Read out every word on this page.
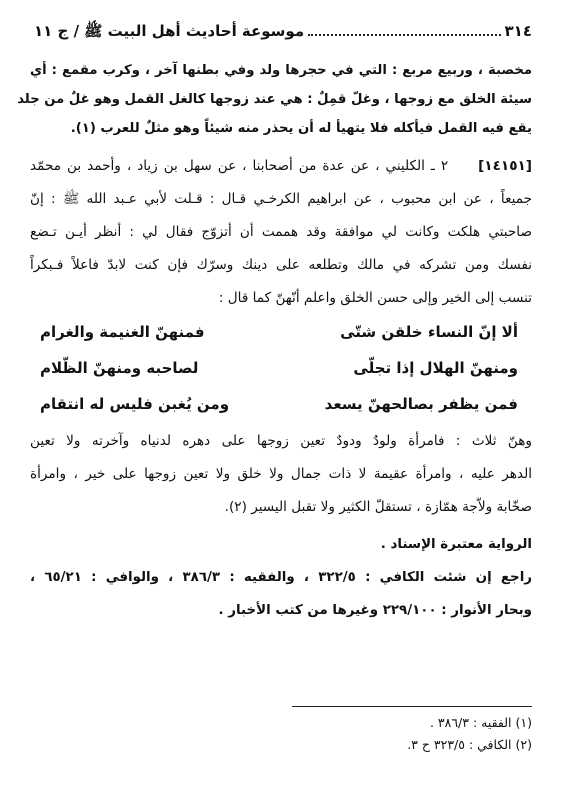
٣١٤
موسوعة أحاديث أهل البيت ﷺ
/
ج ١١
مخصبة ، وربيع مربع : التي في حجرها ولد وفي بطنها آخر ، وكرب مقمع : أي
سيئة الخلق مع زوجها ، وغلّ قمِلٌ : هي عند زوجها كالغل القمل وهو غلٌ من جلد
يقع فيه القمل فيأكله فلا يتهيأ له أن يحذر منه شيئاً وهو مثلٌ للعرب (١).
[١٤١٥١]     ٢ ـ الكليني ، عن عدة من أصحابنا ، عن سهل بن زياد ، وأحمد بن محمّد
جميعاً ، عن ابن محبوب ، عن ابراهيم الكرخـي قـال : قـلت لأبي عـبد الله ﷺ : إنّ
صاحبتي هلكت وكانت لي موافقة وقد هممت أن أتزوّج فقال لي : أنظر أيـن تـضع
نفسك ومن تشركه في مالك وتطلعه على دينك وسرّك فإن كنت لابدّ فاعلاً فـبكراً
تنسب إلى الخير وإلى حسن الخلق واعلم أنّهنّ كما قال :
ألا إنّ النساء خلقن شتّى
فمنهنّ الغنيمة والغرام
ومنهنّ الهلال إذا تجلّى
لصاحبه ومنهنّ الظّلام
فمن يظفر بصالحهنّ يسعد
ومن يُغبن فليس له انتقام
وهنّ ثلاث : فامرأة ولودٌ ودودٌ تعين زوجها على دهره لدنياه وآخرته ولا تعين
الدهر عليه ، وامرأة عقيمة لا ذات جمال ولا خلق ولا تعين زوجها على خير ، وامرأة
صخّابة ولاّجة همّازة ، تستقلّ الكثير ولا تقبل اليسير (٢).
الرواية معتبرة الإسناد .
راجع إن شئت الكافي : ٣٢٢/٥ ، والفقيه : ٣٨٦/٣ ، والوافي : ٦٥/٢١ ،
وبحار الأنوار : ٢٢٩/١٠٠ وغيرها من كتب الأخبار .
(١) الفقيه : ٣٨٦/٣ .
(٢) الكافي : ٣٢٣/٥ ح ٣.
